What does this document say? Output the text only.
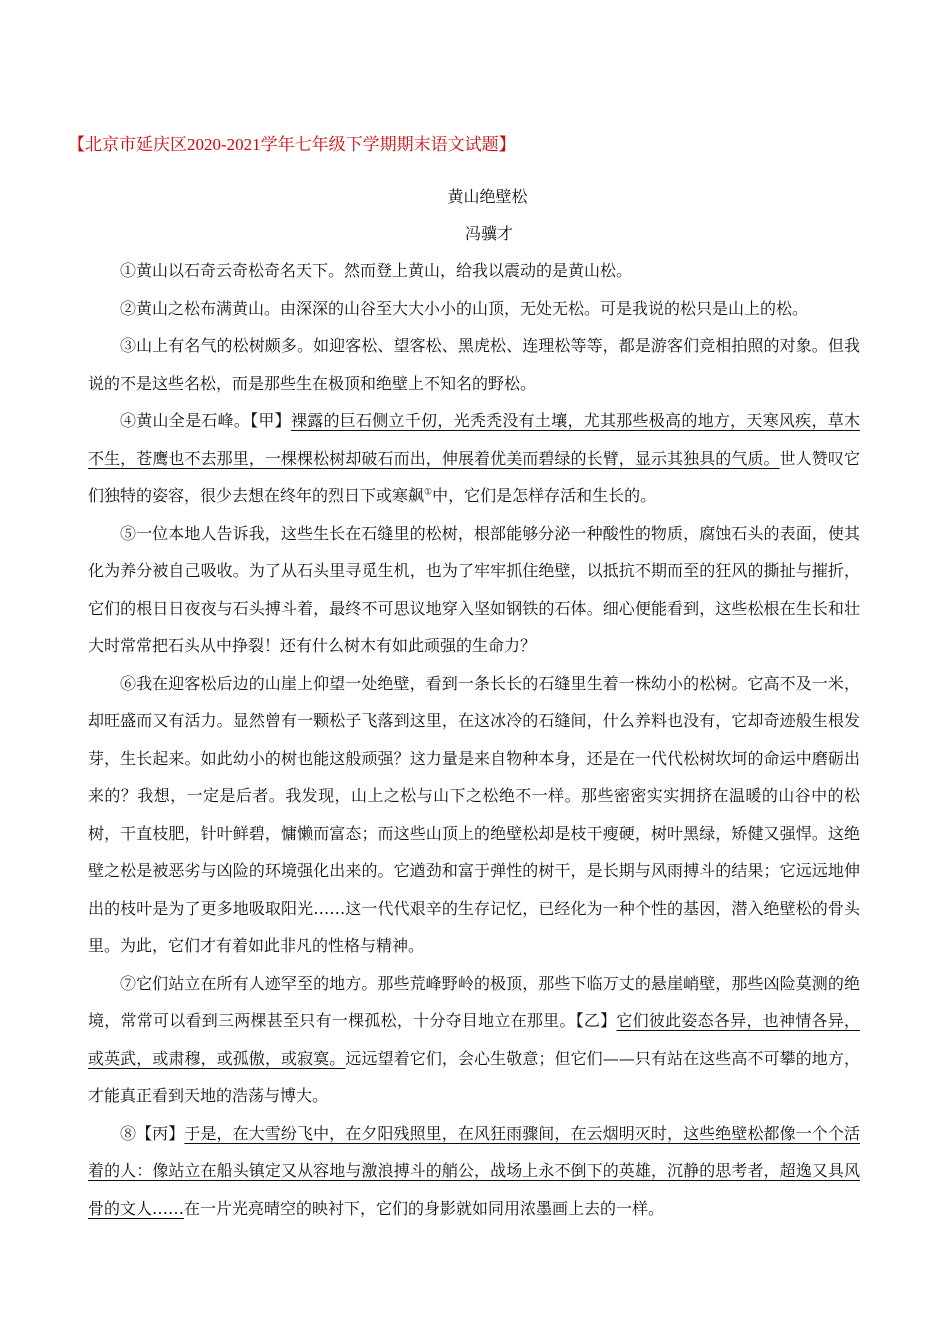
【北京市延庆区2020-2021学年七年级下学期期末语文试题】
黄山绝壁松
冯骥才

①黄山以石奇云奇松奇名天下。然而登上黄山，给我以震动的是黄山松。

②黄山之松布满黄山。由深深的山谷至大大小小的山顶，无处无松。可是我说的松只是山上的松。

③山上有名气的松树颇多。如迎客松、望客松、黑虎松、连理松等等，都是游客们竞相拍照的对象。但我说的不是这些名松，而是那些生在极顶和绝壁上不知名的野松。

④黄山全是石峰。【甲】裸露的巨石侧立千仞，光秃秃没有土壤，尤其那些极高的地方，天寒风疾，草木不生，苍鹰也不去那里，一棵棵松树却破石而出，伸展着优美而碧绿的长臂，显示其独具的气质。世人赞叹它们独特的姿容，很少去想在终年的烈日下或寒飙①中，它们是怎样存活和生长的。

⑤一位本地人告诉我，这些生长在石缝里的松树，根部能够分泌一种酸性的物质，腐蚀石头的表面，使其化为养分被自己吸收。为了从石头里寻觅生机，也为了牢牢抓住绝壁，以抵抗不期而至的狂风的撕扯与摧折，它们的根日日夜夜与石头搏斗着，最终不可思议地穿入坚如钢铁的石体。细心便能看到，这些松根在生长和壮大时常常把石头从中挣裂！还有什么树木有如此顽强的生命力？

⑥我在迎客松后边的山崖上仰望一处绝壁，看到一条长长的石缝里生着一株幼小的松树。它高不及一米，却旺盛而又有活力。显然曾有一颗松子飞落到这里，在这冰冷的石缝间，什么养料也没有，它却奇迹般生根发芽，生长起来。如此幼小的树也能这般顽强？这力量是来自物种本身，还是在一代代松树坎坷的命运中磨砺出来的？我想，一定是后者。我发现，山上之松与山下之松绝不一样。那些密密实实拥挤在温暖的山谷中的松树，干直枝肥，针叶鲜碧，慵懒而富态；而这些山顶上的绝壁松却是枝干瘦硬，树叶黑绿，矫健又强悍。这绝壁之松是被恶劣与凶险的环境强化出来的。它遒劲和富于弹性的树干，是长期与风雨搏斗的结果；它远远地伸出的枝叶是为了更多地吸取阳光……这一代代艰辛的生存记忆，已经化为一种个性的基因，潜入绝壁松的骨头里。为此，它们才有着如此非凡的性格与精神。

⑦它们站立在所有人迹罕至的地方。那些荒峰野岭的极顶，那些下临万丈的悬崖峭壁，那些凶险莫测的绝境，常常可以看到三两棵甚至只有一棵孤松，十分夺目地立在那里。【乙】它们彼此姿态各异，也神情各异，或英武，或肃穆，或孤傲，或寂寞。远远望着它们，会心生敬意；但它们——只有站在这些高不可攀的地方，才能真正看到天地的浩荡与博大。

⑧【丙】于是，在大雪纷飞中，在夕阳残照里，在风狂雨骤间，在云烟明灭时，这些绝壁松都像一个个活着的人：像站立在船头镇定又从容地与激浪搏斗的艄公，战场上永不倒下的英雄，沉静的思考者，超逸又具风骨的文人……在一片光亮晴空的映衬下，它们的身影就如同用浓墨画上去的一样。
